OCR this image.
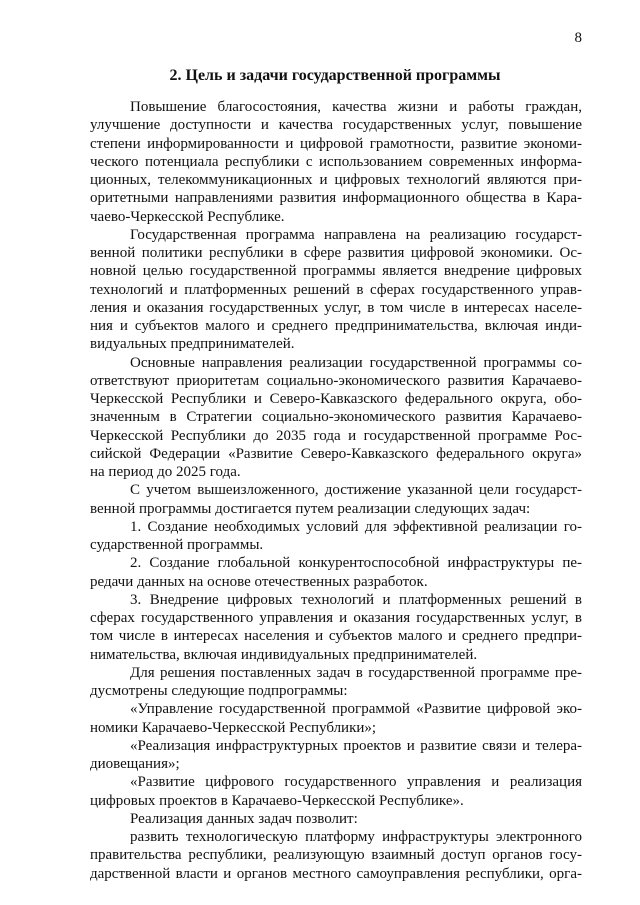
8
2. Цель и задачи государственной программы
Повышение благосостояния, качества жизни и работы граждан,
улучшение доступности и качества государственных услуг, повышение
степени информированности и цифровой грамотности, развитие экономи-
ческого потенциала республики с использованием современных информа-
ционных, телекоммуникационных и цифровых технологий являются при-
оритетными направлениями развития информационного общества в Кара-
чаево-Черкесской Республике.
Государственная программа направлена на реализацию государст-
венной политики республики в сфере развития цифровой экономики. Ос-
новной целью государственной программы является внедрение цифровых
технологий и платформенных решений в сферах государственного управ-
ления и оказания государственных услуг, в том числе в интересах населе-
ния и субъектов малого и среднего предпринимательства, включая инди-
видуальных предпринимателей.
Основные направления реализации государственной программы со-
ответствуют приоритетам социально-экономического развития Карачаево-
Черкесской Республики и Северо-Кавказского федерального округа, обо-
значенным в Стратегии социально-экономического развития Карачаево-
Черкесской Республики до 2035 года и государственной программе Рос-
сийской Федерации «Развитие Северо-Кавказского федерального округа»
на период до 2025 года.
С учетом вышеизложенного, достижение указанной цели государст-
венной программы достигается путем реализации следующих задач:
1. Создание необходимых условий для эффективной реализации го-
сударственной программы.
2. Создание глобальной конкурентоспособной инфраструктуры пе-
редачи данных на основе отечественных разработок.
3. Внедрение цифровых технологий и платформенных решений в
сферах государственного управления и оказания государственных услуг, в
том числе в интересах населения и субъектов малого и среднего предпри-
нимательства, включая индивидуальных предпринимателей.
Для решения поставленных задач в государственной программе пре-
дусмотрены следующие подпрограммы:
«Управление государственной программой «Развитие цифровой эко-
номики Карачаево-Черкесской Республики»;
«Реализация инфраструктурных проектов и развитие связи и телера-
диовещания»;
«Развитие цифрового государственного управления и реализация
цифровых проектов в Карачаево-Черкесской Республике».
Реализация данных задач позволит:
развить технологическую платформу инфраструктуры электронного
правительства республики, реализующую взаимный доступ органов госу-
дарственной власти и органов местного самоуправления республики, орга-
